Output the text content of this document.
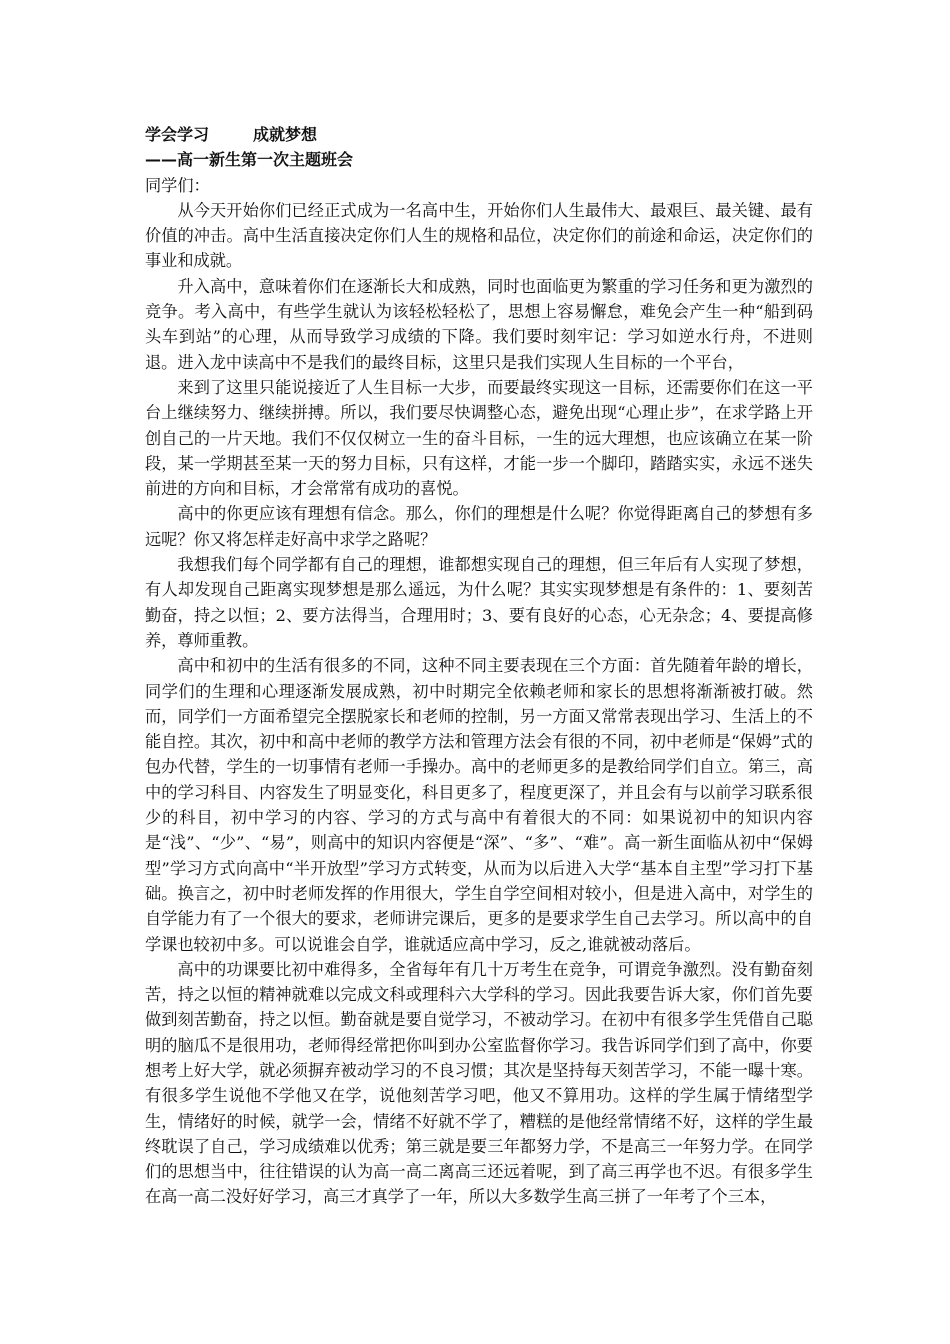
学会学习	成就梦想
——高一新生第一次主题班会

同学们：

从今天开始你们已经正式成为一名高中生，开始你们人生最伟大、最艰巨、最关键、最有价值的冲击。高中生活直接决定你们人生的规格和品位，决定你们的前途和命运，决定你们的事业和成就。

升入高中，意味着你们在逐渐长大和成熟，同时也面临更为繁重的学习任务和更为激烈的竞争。考入高中，有些学生就认为该轻松轻松了，思想上容易懈怠，难免会产生一种“船到码头车到站”的心理，从而导致学习成绩的下降。我们要时刻牢记：学习如逆水行舟，不进则退。进入龙中读高中不是我们的最终目标，这里只是我们实现人生目标的一个平台，

来到了这里只能说接近了人生目标一大步，而要最终实现这一目标，还需要你们在这一平台上继续努力、继续拼搏。所以，我们要尽快调整心态，避免出现“心理止步”，在求学路上开创自己的一片天地。我们不仅仅树立一生的奋斗目标，一生的远大理想，也应该确立在某一阶段，某一学期甚至某一天的努力目标，只有这样，才能一步一个脚印，踏踏实实，永远不迷失前进的方向和目标，才会常常有成功的喜悦。

高中的你更应该有理想有信念。那么，你们的理想是什么呢？你觉得距离自己的梦想有多远呢？你又将怎样走好高中求学之路呢？

我想我们每个同学都有自己的理想，谁都想实现自己的理想，但三年后有人实现了梦想，有人却发现自己距离实现梦想是那么遥远，为什么呢？其实实现梦想是有条件的：1、要刻苦勤奋，持之以恒；2、要方法得当，合理用时；3、要有良好的心态，心无杂念；4、要提高修养，尊师重教。

高中和初中的生活有很多的不同，这种不同主要表现在三个方面：首先随着年龄的增长，同学们的生理和心理逐渐发展成熟，初中时期完全依赖老师和家长的思想将渐渐被打破。然而，同学们一方面希望完全摆脱家长和老师的控制，另一方面又常常表现出学习、生活上的不能自控。其次，初中和高中老师的教学方法和管理方法会有很的不同，初中老师是“保姆”式的包办代替，学生的一切事情有老师一手操办。高中的老师更多的是教给同学们自立。第三，高中的学习科目、内容发生了明显变化，科目更多了，程度更深了，并且会有与以前学习联系很少的科目，初中学习的内容、学习的方式与高中有着很大的不同：如果说初中的知识内容是“浅”、“少”、“易”，则高中的知识内容便是“深”、“多”、“难”。高一新生面临从初中“保姆型”学习方式向高中“半开放型”学习方式转变，从而为以后进入大学“基本自主型”学习打下基础。换言之，初中时老师发挥的作用很大，学生自学空间相对较小，但是进入高中，对学生的自学能力有了一个很大的要求，老师讲完课后，更多的是要求学生自己去学习。所以高中的自学课也较初中多。可以说谁会自学，谁就适应高中学习，反之,谁就被动落后。

高中的功课要比初中难得多，全省每年有几十万考生在竞争，可谓竞争激烈。没有勤奋刻苦，持之以恒的精神就难以完成文科或理科六大学科的学习。因此我要告诉大家，你们首先要做到刻苦勤奋，持之以恒。勤奋就是要自觉学习，不被动学习。在初中有很多学生凭借自己聪明的脑瓜不是很用功，老师得经常把你叫到办公室监督你学习。我告诉同学们到了高中，你要想考上好大学，就必须摒弃被动学习的不良习惯；其次是坚持每天刻苦学习，不能一曝十寒。有很多学生说他不学他又在学，说他刻苦学习吧，他又不算用功。这样的学生属于情绪型学生，情绪好的时候，就学一会，情绪不好就不学了，糟糕的是他经常情绪不好，这样的学生最终耽误了自己，学习成绩难以优秀；第三就是要三年都努力学，不是高三一年努力学。在同学们的思想当中，往往错误的认为高一高二离高三还远着呢，到了高三再学也不迟。有很多学生在高一高二没好好学习，高三才真学了一年，所以大多数学生高三拼了一年考了个三本，
